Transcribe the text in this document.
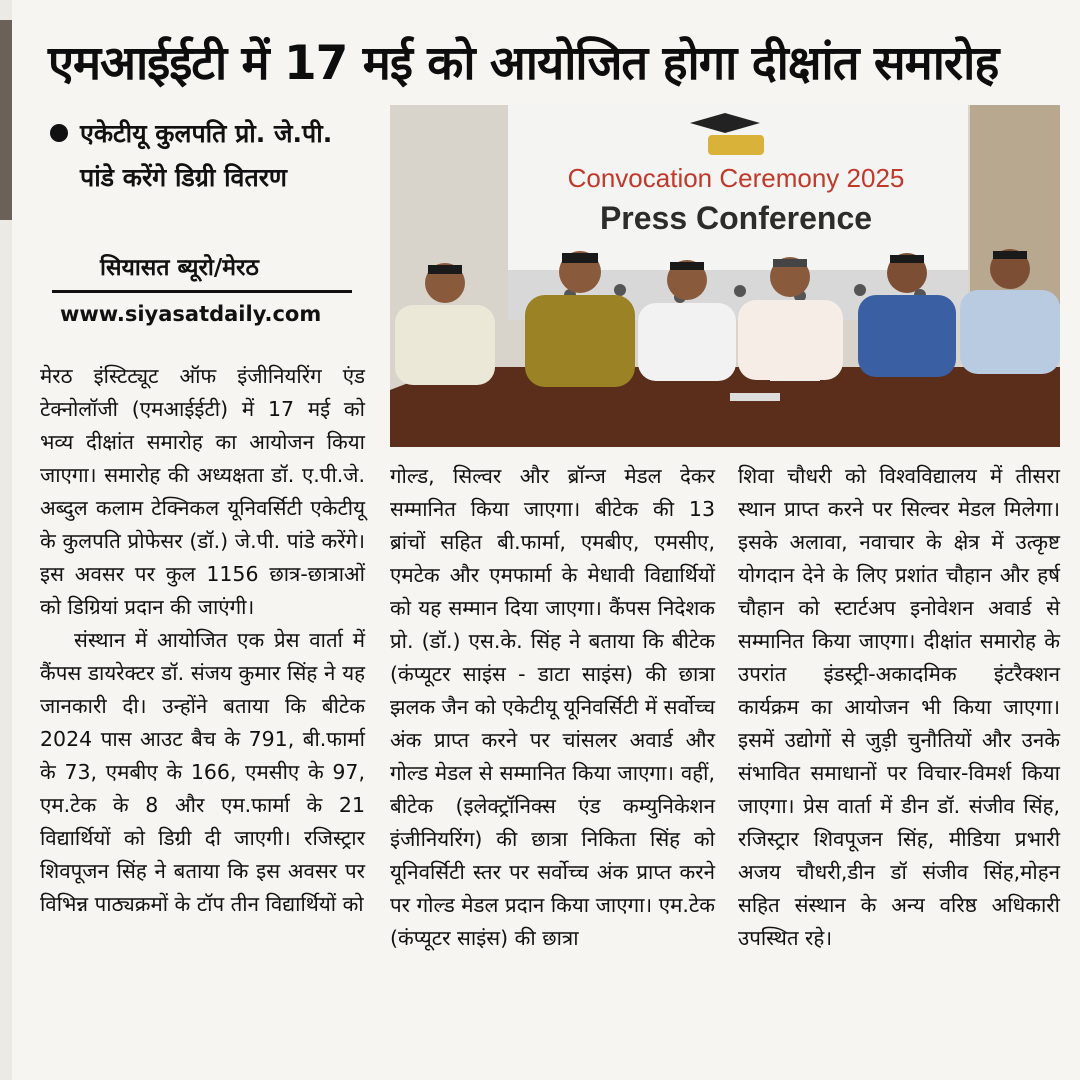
एमआईईटी में 17 मई को आयोजित होगा दीक्षांत समारोह
एकेटीयू कुलपति प्रो. जे.पी. पांडे करेंगे डिग्री वितरण
सियासत ब्यूरो/मेरठ
www.siyasatdaily.com
Convocation Ceremony 2025
Press Conference

मेरठ इंस्टिट्यूट ऑफ इंजीनियरिंग एंड टेक्नोलॉजी (एमआईईटी) में 17 मई को भव्य दीक्षांत समारोह का आयोजन किया जाएगा। समारोह की अध्यक्षता डॉ. ए.पी.जे. अब्दुल कलाम टेक्निकल यूनिवर्सिटी एकेटीयू के कुलपति प्रोफेसर (डॉ.) जे.पी. पांडे करेंगे। इस अवसर पर कुल 1156 छात्र-छात्राओं को डिग्रियां प्रदान की जाएंगी।

संस्थान में आयोजित एक प्रेस वार्ता में कैंपस डायरेक्टर डॉ. संजय कुमार सिंह ने यह जानकारी दी। उन्होंने बताया कि बीटेक 2024 पास आउट बैच के 791, बी.फार्मा के 73, एमबीए के 166, एमसीए के 97, एम.टेक के 8 और एम.फार्मा के 21 विद्यार्थियों को डिग्री दी जाएगी। रजिस्ट्रार शिवपूजन सिंह ने बताया कि इस अवसर पर विभिन्न पाठ्यक्रमों के टॉप तीन विद्यार्थियों को

गोल्ड, सिल्वर और ब्रॉन्ज मेडल देकर सम्मानित किया जाएगा। बीटेक की 13 ब्रांचों सहित बी.फार्मा, एमबीए, एमसीए, एमटेक और एमफार्मा के मेधावी विद्यार्थियों को यह सम्मान दिया जाएगा। कैंपस निदेशक प्रो. (डॉ.) एस.के. सिंह ने बताया कि बीटेक (कंप्यूटर साइंस - डाटा साइंस) की छात्रा झलक जैन को एकेटीयू यूनिवर्सिटी में सर्वोच्च अंक प्राप्त करने पर चांसलर अवार्ड और गोल्ड मेडल से सम्मानित किया जाएगा। वहीं, बीटेक (इलेक्ट्रॉनिक्स एंड कम्युनिकेशन इंजीनियरिंग) की छात्रा निकिता सिंह को यूनिवर्सिटी स्तर पर सर्वोच्च अंक प्राप्त करने पर गोल्ड मेडल प्रदान किया जाएगा। एम.टेक (कंप्यूटर साइंस) की छात्रा

शिवा चौधरी को विश्वविद्यालय में तीसरा स्थान प्राप्त करने पर सिल्वर मेडल मिलेगा। इसके अलावा, नवाचार के क्षेत्र में उत्कृष्ट योगदान देने के लिए प्रशांत चौहान और हर्ष चौहान को स्टार्टअप इनोवेशन अवार्ड से सम्मानित किया जाएगा। दीक्षांत समारोह के उपरांत इंडस्ट्री-अकादमिक इंटरैक्शन कार्यक्रम का आयोजन भी किया जाएगा। इसमें उद्योगों से जुड़ी चुनौतियों और उनके संभावित समाधानों पर विचार-विमर्श किया जाएगा। प्रेस वार्ता में डीन डॉ. संजीव सिंह, रजिस्ट्रार शिवपूजन सिंह, मीडिया प्रभारी अजय चौधरी,डीन डॉ संजीव सिंह,मोहन सहित संस्थान के अन्य वरिष्ठ अधिकारी उपस्थित रहे।
